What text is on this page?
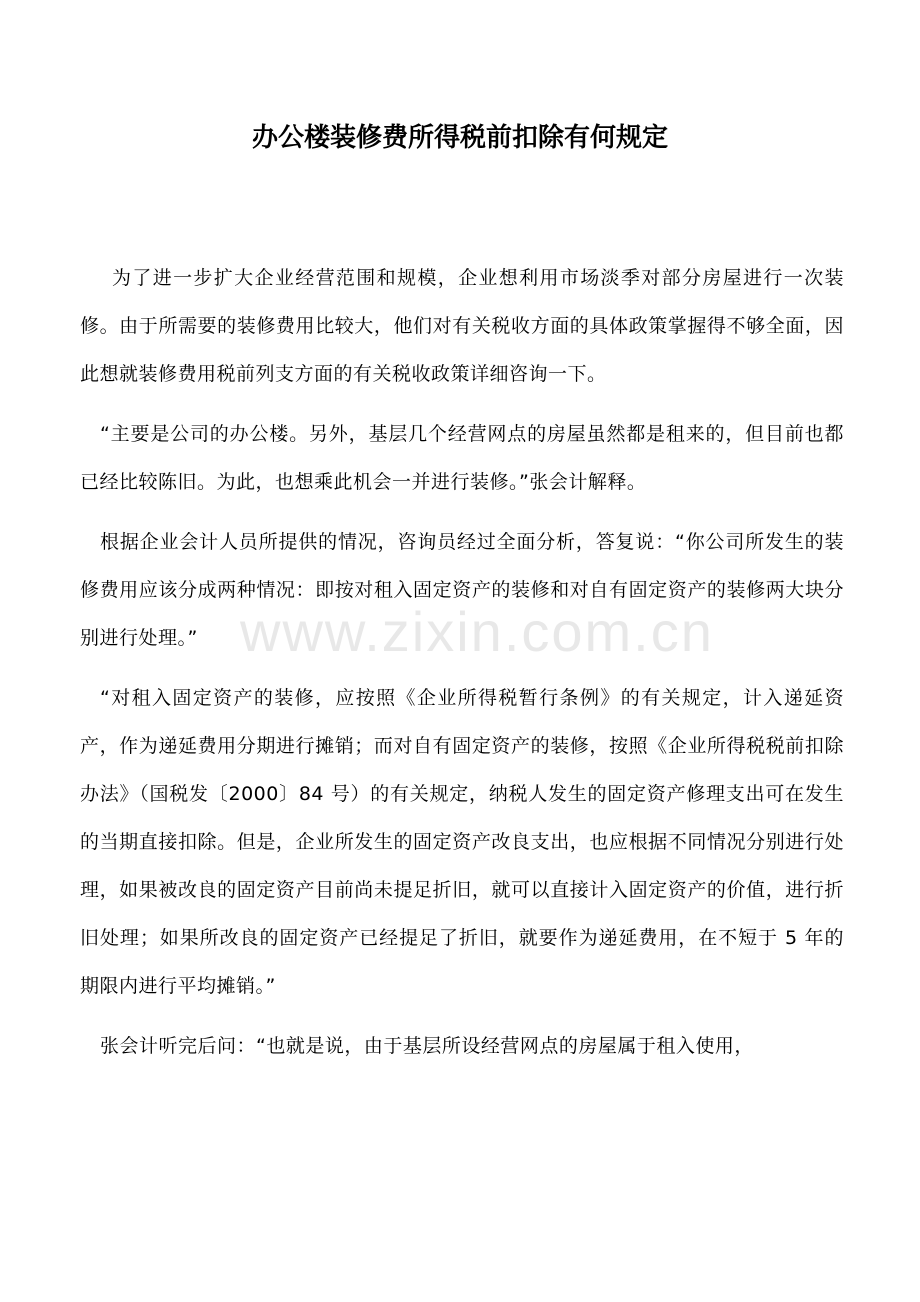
www.zixin.com.cn
办公楼装修费所得税前扣除有何规定

为了进一步扩大企业经营范围和规模，企业想利用市场淡季对部分房屋进行一次装修。由于所需要的装修费用比较大，他们对有关税收方面的具体政策掌握得不够全面，因此想就装修费用税前列支方面的有关税收政策详细咨询一下。

“主要是公司的办公楼。另外，基层几个经营网点的房屋虽然都是租来的，但目前也都已经比较陈旧。为此，也想乘此机会一并进行装修。”张会计解释。

根据企业会计人员所提供的情况，咨询员经过全面分析，答复说：“你公司所发生的装修费用应该分成两种情况：即按对租入固定资产的装修和对自有固定资产的装修两大块分别进行处理。”

“对租入固定资产的装修，应按照《企业所得税暂行条例》的有关规定，计入递延资产，作为递延费用分期进行摊销；而对自有固定资产的装修，按照《企业所得税税前扣除办法》（国税发〔2000〕84 号）的有关规定，纳税人发生的固定资产修理支出可在发生的当期直接扣除。但是，企业所发生的固定资产改良支出，也应根据不同情况分别进行处理，如果被改良的固定资产目前尚未提足折旧，就可以直接计入固定资产的价值，进行折旧处理；如果所改良的固定资产已经提足了折旧，就要作为递延费用，在不短于 5 年的期限内进行平均摊销。”

张会计听完后问：“也就是说，由于基层所设经营网点的房屋属于租入使用，
